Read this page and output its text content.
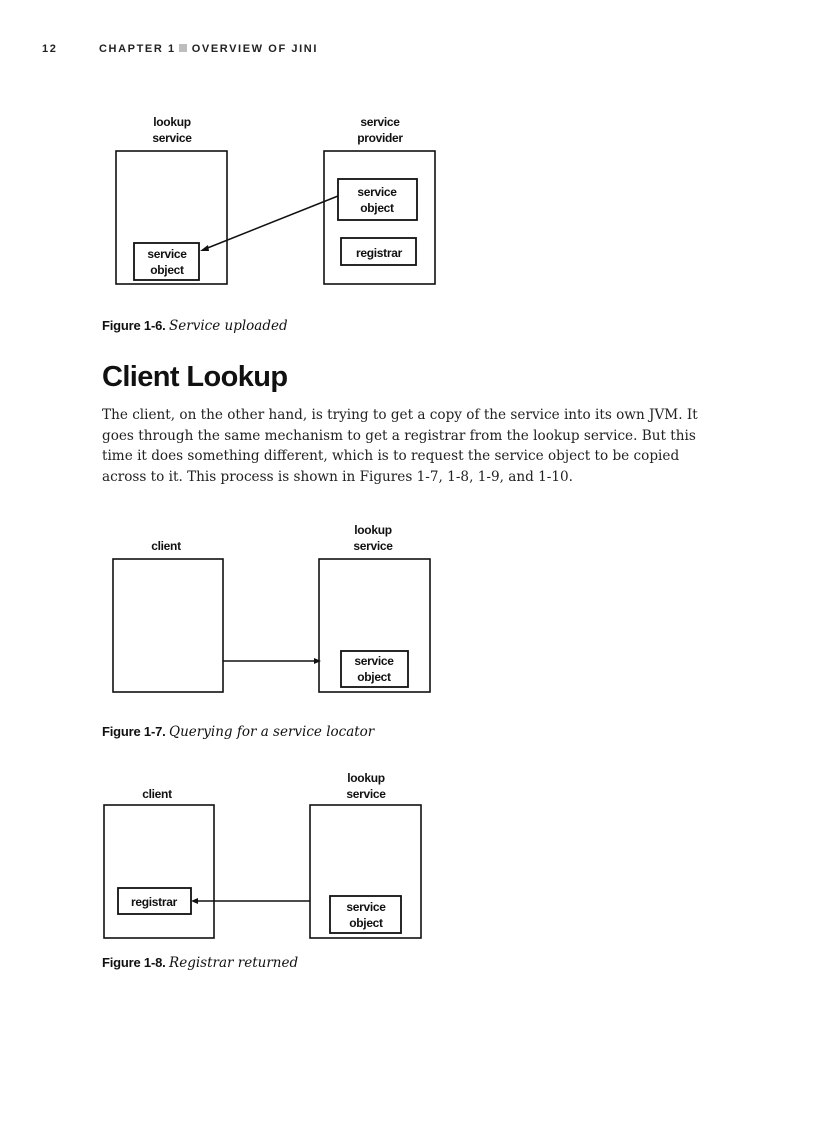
12	CHAPTER 1 OVERVIEW OF JINI
lookup
service
service
provider
service
object
registrar
service
object
Figure 1-6. Service uploaded
Client Lookup

The client, on the other hand, is trying to get a copy of the service into its own JVM. It goes through the same mechanism to get a registrar from the lookup service. But this time it does something different, which is to request the service object to be copied across to it. This process is shown in Figures 1-7, 1-8, 1-9, and 1-10.

client
lookup
service
service
object
Figure 1-7. Querying for a service locator
client
lookup
service
registrar	service
object
Figure 1-8. Registrar returned
